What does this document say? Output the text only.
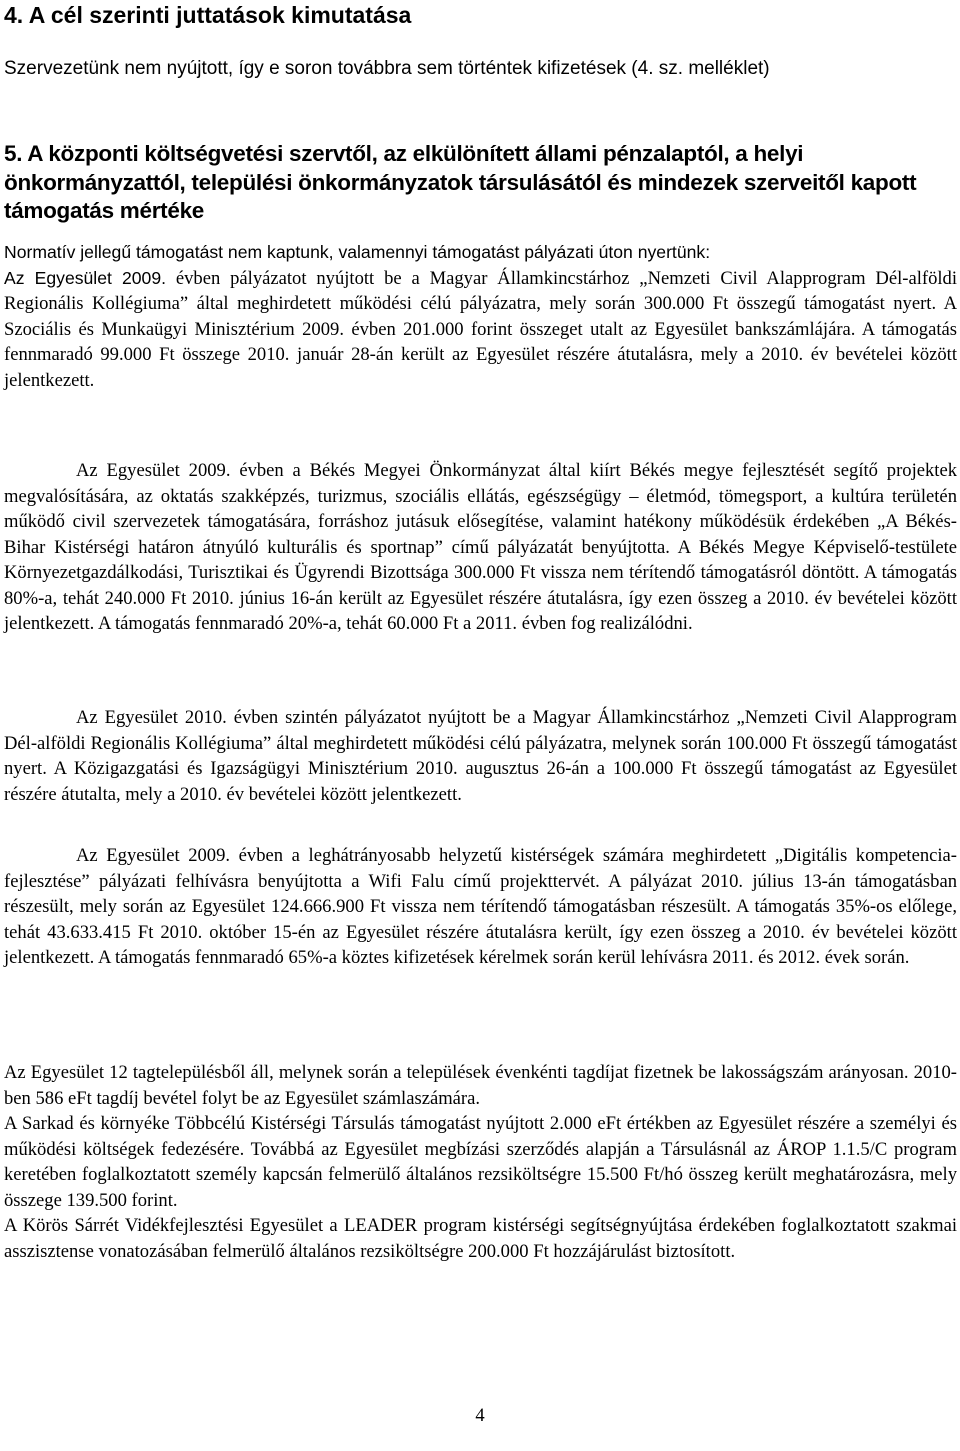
4. A cél szerinti juttatások kimutatása
Szervezetünk nem nyújtott, így e soron továbbra sem történtek kifizetések (4. sz. melléklet)
5. A központi költségvetési szervtől, az elkülönített állami pénzalaptól, a helyi önkormányzattól, települési önkormányzatok társulásától és mindezek szerveitől kapott támogatás mértéke

Normatív jellegű támogatást nem kaptunk, valamennyi támogatást pályázati úton nyertünk:
Az Egyesület 2009. évben pályázatot nyújtott be a Magyar Államkincstárhoz „Nemzeti Civil Alapprogram Dél-alföldi Regionális Kollégiuma” által meghirdetett működési célú pályázatra, mely során 300.000 Ft összegű támogatást nyert. A Szociális és Munkaügyi Minisztérium 2009. évben 201.000 forint összeget utalt az Egyesület bankszámlájára. A támogatás fennmaradó 99.000 Ft összege 2010. január 28-án került az Egyesület részére átutalásra, mely a 2010. év bevételei között jelentkezett.

Az Egyesület 2009. évben a Békés Megyei Önkormányzat által kiírt Békés megye fejlesztését segítő projektek megvalósítására, az oktatás szakképzés, turizmus, szociális ellátás, egészségügy – életmód, tömegsport, a kultúra területén működő civil szervezetek támogatására, forráshoz jutásuk elősegítése, valamint hatékony működésük érdekében „A Békés-Bihar Kistérségi határon átnyúló kulturális és sportnap” című pályázatát benyújtotta. A Békés Megye Képviselő-testülete Környezetgazdálkodási, Turisztikai és Ügyrendi Bizottsága 300.000 Ft vissza nem térítendő támogatásról döntött. A támogatás 80%-a, tehát 240.000 Ft 2010. június 16-án került az Egyesület részére átutalásra, így ezen összeg a 2010. év bevételei között jelentkezett. A támogatás fennmaradó 20%-a, tehát 60.000 Ft a 2011. évben fog realizálódni.

Az Egyesület 2010. évben szintén pályázatot nyújtott be a Magyar Államkincstárhoz „Nemzeti Civil Alapprogram Dél-alföldi Regionális Kollégiuma” által meghirdetett működési célú pályázatra, melynek során 100.000 Ft összegű támogatást nyert. A Közigazgatási és Igazságügyi Minisztérium 2010. augusztus 26-án a 100.000 Ft összegű támogatást az Egyesület részére átutalta, mely a 2010. év bevételei között jelentkezett.

Az Egyesület 2009. évben a leghátrányosabb helyzetű kistérségek számára meghirdetett „Digitális kompetencia-fejlesztése” pályázati felhívásra benyújtotta a Wifi Falu című projekttervét. A pályázat 2010. július 13-án támogatásban részesült, mely során az Egyesület 124.666.900 Ft vissza nem térítendő támogatásban részesült. A támogatás 35%-os előlege, tehát 43.633.415 Ft 2010. október 15-én az Egyesület részére átutalásra került, így ezen összeg a 2010. év bevételei között jelentkezett. A támogatás fennmaradó 65%-a köztes kifizetések kérelmek során kerül lehívásra 2011. és 2012. évek során.

Az Egyesület 12 tagtelepülésből áll, melynek során a települések évenkénti tagdíjat fizetnek be lakosságszám arányosan. 2010-ben 586 eFt tagdíj bevétel folyt be az Egyesület számlaszámára.
A Sarkad és környéke Többcélú Kistérségi Társulás támogatást nyújtott 2.000 eFt értékben az Egyesület részére a személyi és működési költségek fedezésére. Továbbá az Egyesület megbízási szerződés alapján a Társulásnál az ÁROP 1.1.5/C program keretében foglalkoztatott személy kapcsán felmerülő általános rezsiköltségre 15.500 Ft/hó összeg került meghatározásra, mely összege 139.500 forint.
A Körös Sárrét Vidékfejlesztési Egyesület a LEADER program kistérségi segítségnyújtása érdekében foglalkoztatott szakmai asszisztense vonatozásában felmerülő általános rezsiköltségre 200.000 Ft hozzájárulást biztosított.
4
